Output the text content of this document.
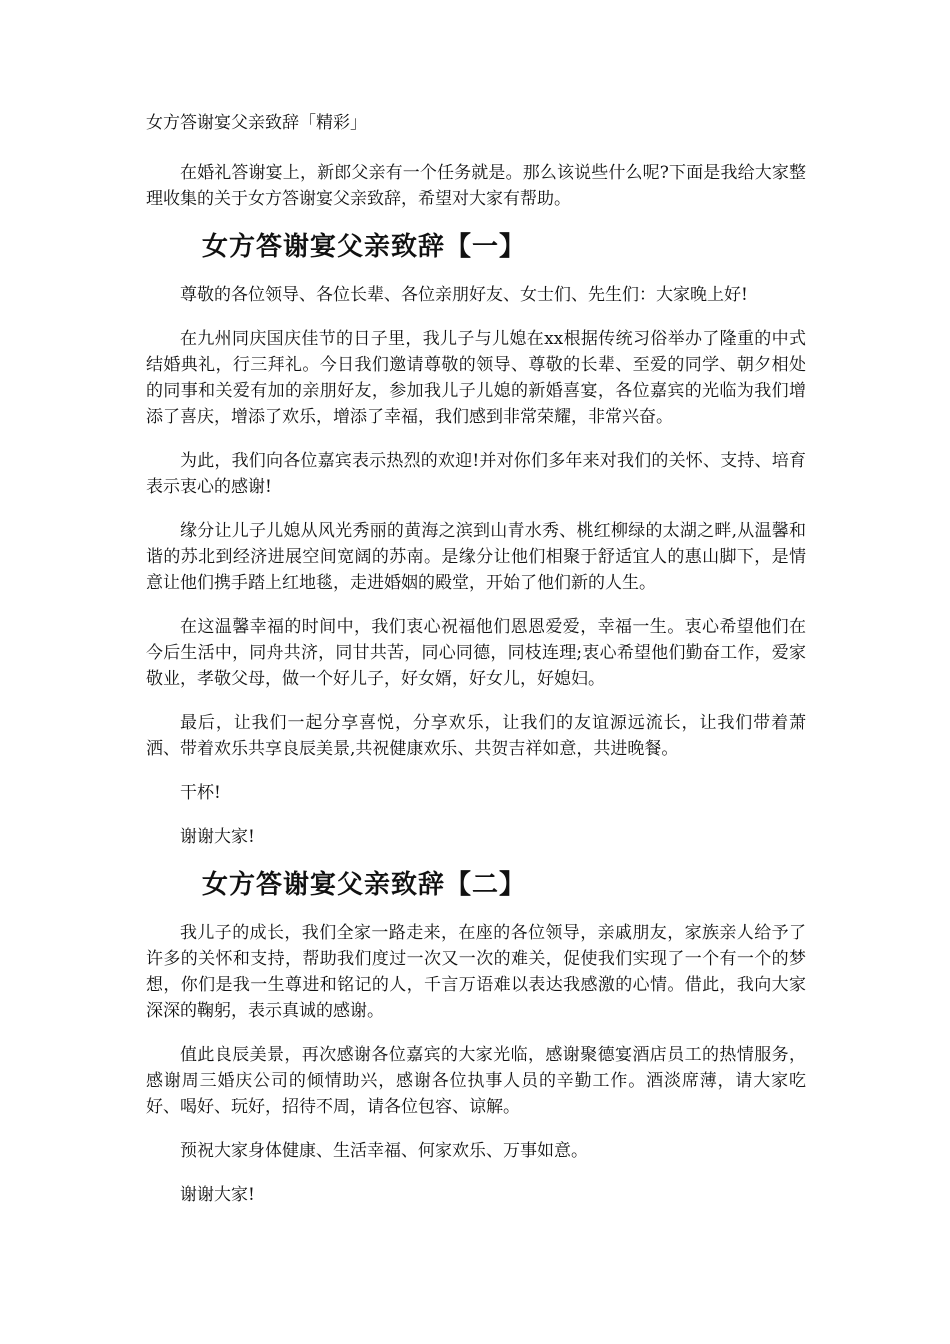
女方答谢宴父亲致辞「精彩」

在婚礼答谢宴上，新郎父亲有一个任务就是。那么该说些什么呢?下面是我给大家整理收集的关于女方答谢宴父亲致辞，希望对大家有帮助。

女方答谢宴父亲致辞【一】

尊敬的各位领导、各位长辈、各位亲朋好友、女士们、先生们：大家晚上好!

在九州同庆国庆佳节的日子里，我儿子与儿媳在xx根据传统习俗举办了隆重的中式结婚典礼，行三拜礼。今日我们邀请尊敬的领导、尊敬的长辈、至爱的同学、朝夕相处的同事和关爱有加的亲朋好友，参加我儿子儿媳的新婚喜宴，各位嘉宾的光临为我们增添了喜庆，增添了欢乐，增添了幸福，我们感到非常荣耀，非常兴奋。

为此，我们向各位嘉宾表示热烈的欢迎!并对你们多年来对我们的关怀、支持、培育表示衷心的感谢!

缘分让儿子儿媳从风光秀丽的黄海之滨到山青水秀、桃红柳绿的太湖之畔,从温馨和谐的苏北到经济进展空间宽阔的苏南。是缘分让他们相聚于舒适宜人的惠山脚下，是情意让他们携手踏上红地毯，走进婚姻的殿堂，开始了他们新的人生。

在这温馨幸福的时间中，我们衷心祝福他们恩恩爱爱，幸福一生。衷心希望他们在今后生活中，同舟共济，同甘共苦，同心同德，同枝连理;衷心希望他们勤奋工作，爱家敬业，孝敬父母，做一个好儿子，好女婿，好女儿，好媳妇。

最后，让我们一起分享喜悦，分享欢乐，让我们的友谊源远流长，让我们带着萧洒、带着欢乐共享良辰美景,共祝健康欢乐、共贺吉祥如意，共进晚餐。

干杯!

谢谢大家!

女方答谢宴父亲致辞【二】

我儿子的成长，我们全家一路走来，在座的各位领导，亲戚朋友，家族亲人给予了许多的关怀和支持，帮助我们度过一次又一次的难关，促使我们实现了一个有一个的梦想，你们是我一生尊进和铭记的人，千言万语难以表达我感激的心情。借此，我向大家深深的鞠躬，表示真诚的感谢。

值此良辰美景，再次感谢各位嘉宾的大家光临，感谢聚德宴酒店员工的热情服务，感谢周三婚庆公司的倾情助兴，感谢各位执事人员的辛勤工作。酒淡席薄，请大家吃好、喝好、玩好，招待不周，请各位包容、谅解。

预祝大家身体健康、生活幸福、何家欢乐、万事如意。

谢谢大家!
